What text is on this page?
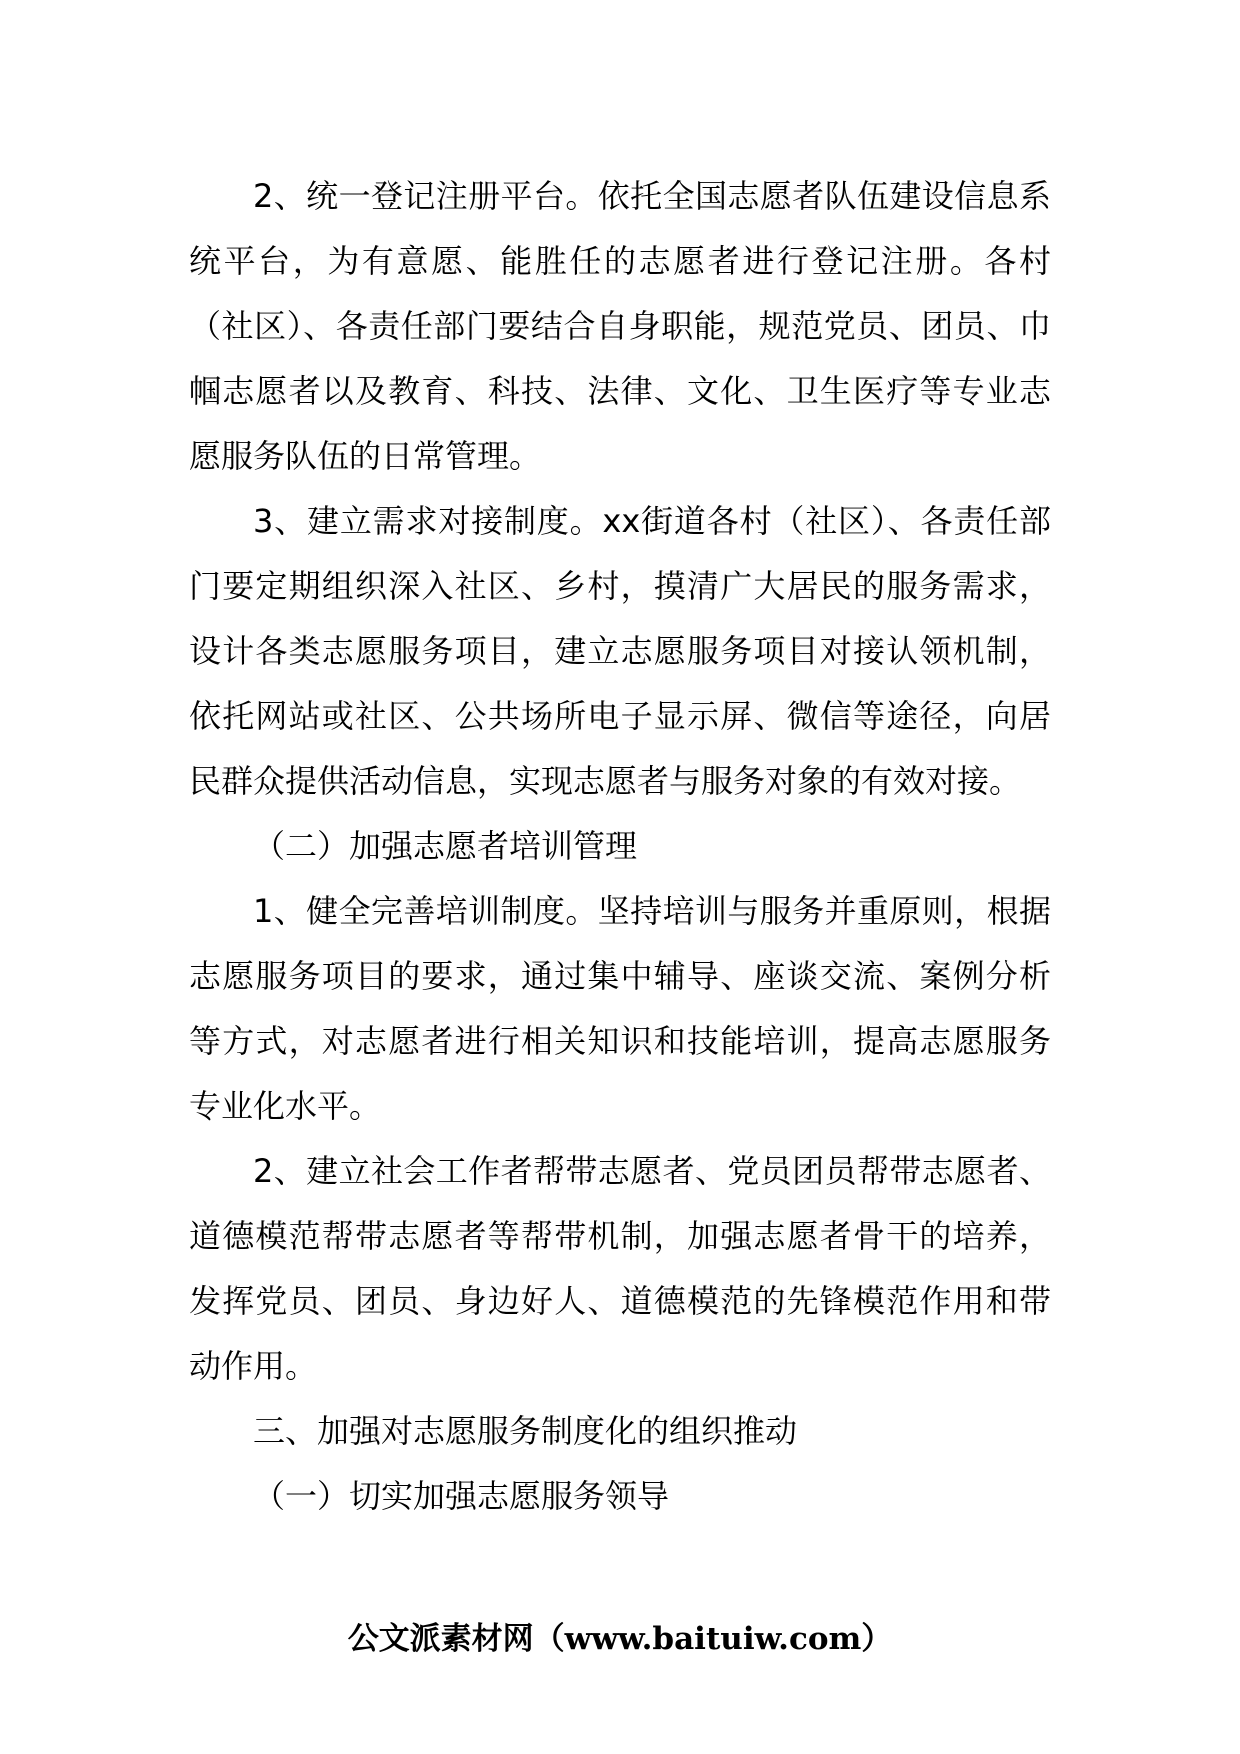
2、统一登记注册平台。依托全国志愿者队伍建设信息系统平台，为有意愿、能胜任的志愿者进行登记注册。各村（社区）、各责任部门要结合自身职能，规范党员、团员、巾帼志愿者以及教育、科技、法律、文化、卫生医疗等专业志愿服务队伍的日常管理。

3、建立需求对接制度。xx街道各村（社区）、各责任部门要定期组织深入社区、乡村，摸清广大居民的服务需求，设计各类志愿服务项目，建立志愿服务项目对接认领机制，依托网站或社区、公共场所电子显示屏、微信等途径，向居民群众提供活动信息，实现志愿者与服务对象的有效对接。

（二）加强志愿者培训管理

1、健全完善培训制度。坚持培训与服务并重原则，根据志愿服务项目的要求，通过集中辅导、座谈交流、案例分析等方式，对志愿者进行相关知识和技能培训，提高志愿服务专业化水平。

2、建立社会工作者帮带志愿者、党员团员帮带志愿者、道德模范帮带志愿者等帮带机制，加强志愿者骨干的培养，发挥党员、团员、身边好人、道德模范的先锋模范作用和带动作用。

三、加强对志愿服务制度化的组织推动

（一）切实加强志愿服务领导

公文派素材网（www.baituiw.com）
